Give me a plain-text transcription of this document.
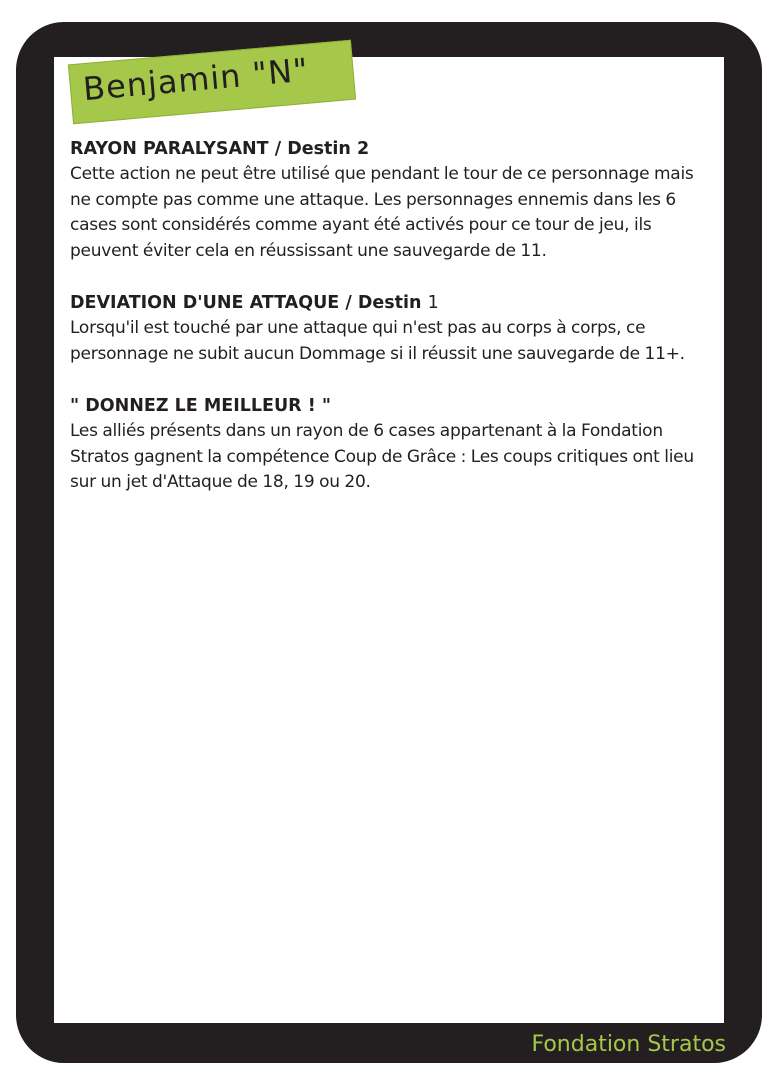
Benjamin "N"
RAYON PARALYSANT / Destin 2
Cette action ne peut être utilisé que pendant le tour de ce personnage mais ne compte pas comme une attaque. Les personnages ennemis dans les 6 cases sont considérés comme ayant été activés pour ce tour de jeu, ils peuvent éviter cela en réussissant une sauvegarde de 11.
DEVIATION D'UNE ATTAQUE / Destin 1
Lorsqu'il est touché par une attaque qui n'est pas au corps à corps, ce personnage ne subit aucun Dommage si il réussit une sauvegarde de 11+.
" DONNEZ LE MEILLEUR ! "
Les alliés présents dans un rayon de 6 cases appartenant à la Fondation Stratos gagnent la compétence Coup de Grâce : Les coups critiques ont lieu sur un jet d'Attaque de 18, 19 ou 20.
Fondation Stratos
